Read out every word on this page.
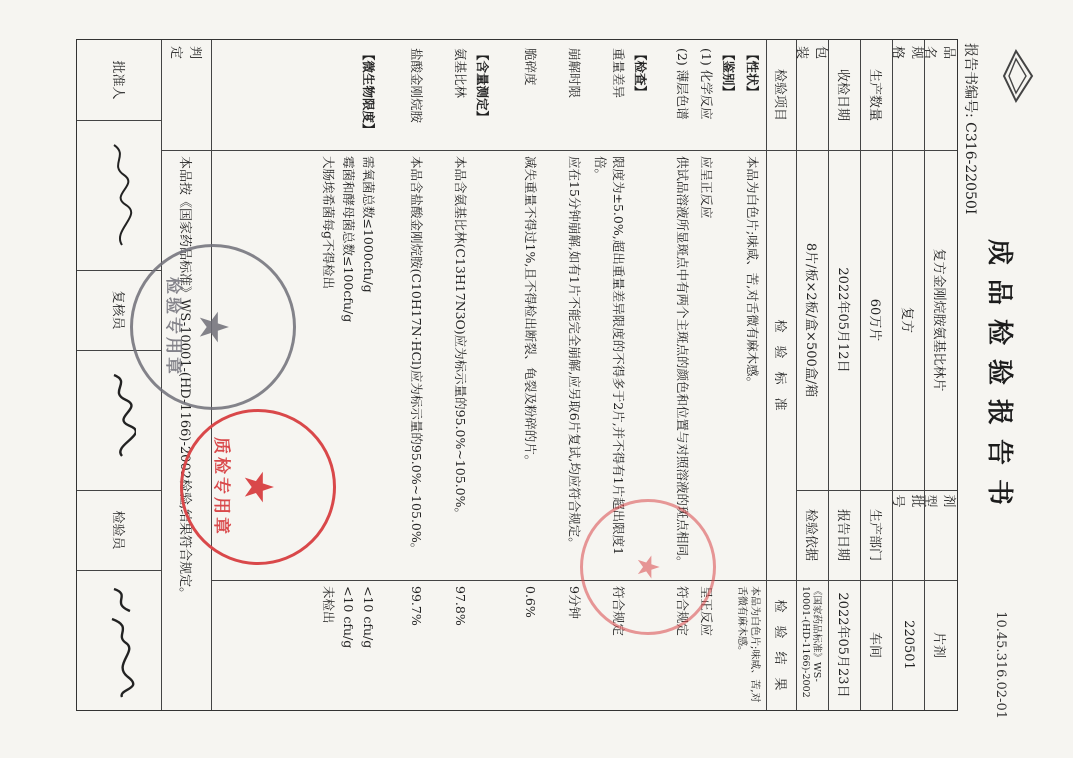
成品检验报告书
10.45.316.02-01
报告书编号: C316-22050I
品　　名
复方金刚烷胺氨基比林片
剂　　型
片剂
规　　格
复方
批　　号
220501
生产数量
60万片
生产部门
车间
收检日期
2022年05月12日
报告日期
2022年05月23日
包　　装
8片/板×2板/盒×500盒/箱
检验依据
《国家药品标准》WS-10001-(HD-1166)-2002
检验项目
检　验　标　准
检　验　结　果
【性状】
本品为白色片;味咸、苦,对舌微有麻木感。
本品为白色片;味咸、苦,对舌微有麻木感。
【鉴别】
(1) 化学反应
应呈正反应
呈正反应
(2) 薄层色谱
供试品溶液所显斑点中有两个主斑点的颜色和位置与对照溶液的斑点相同。
符合规定
【检查】
重量差异
限度为±5.0%,超出重量差异限度的不得多于2片,并不得有1片超出限度1倍。
符合规定
崩解时限
应在15分钟崩解,如有1片不能完全崩解,应另取6片复试,均应符合规定。
9分钟
脆碎度
减失重量不得过1%,且不得检出断裂、龟裂及粉碎的片。
0.6%
【含量测定】
氨基比林
本品含氨基比林(C13H17N3O)应为标示量的95.0%~105.0%。
97.8%
盐酸金刚烷胺
本品含盐酸金刚烷胺(C10H17N·HCl)应为标示量的95.0%~105.0%。
99.7%
【微生物限度】
需氧菌总数≤1000cfu/g
<10 cfu/g
霉菌和酵母菌总数≤100cfu/g
<10 cfu/g
大肠埃希菌每g不得检出
未检出
判　　定
本品按《国家药品标准》WS-10001-(HD-1166)-2002检验,结果符合规定。
批准人
复核员
检验员
★
质检专用章
★
★
检验专用章
